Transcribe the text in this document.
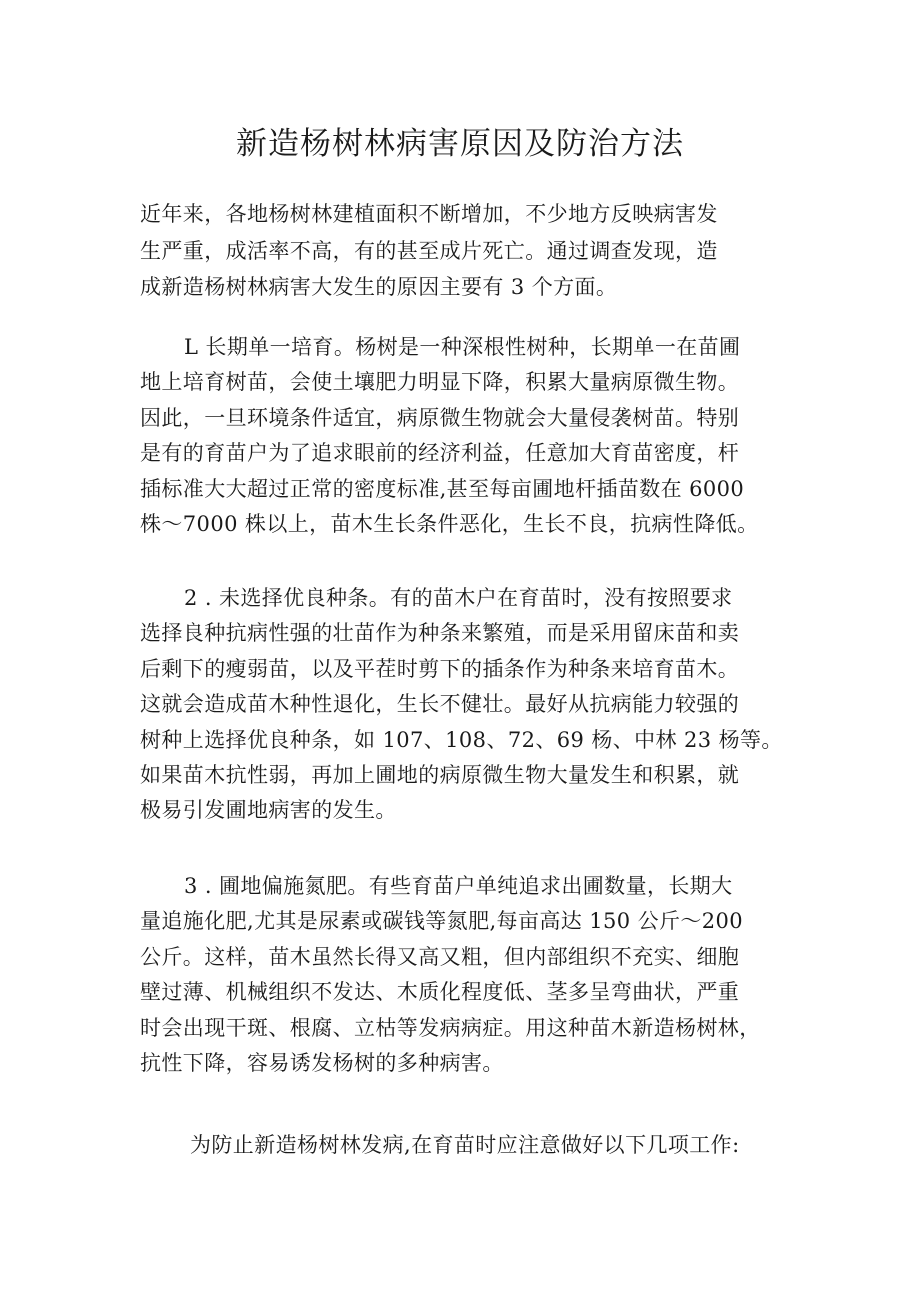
新造杨树林病害原因及防治方法
近年来，各地杨树林建植面积不断增加，不少地方反映病害发
生严重，成活率不高，有的甚至成片死亡。通过调查发现，造
成新造杨树林病害大发生的原因主要有 3 个方面。
L 长期单一培育。杨树是一种深根性树种，长期单一在苗圃
地上培育树苗，会使土壤肥力明显下降，积累大量病原微生物。
因此，一旦环境条件适宜，病原微生物就会大量侵袭树苗。特别
是有的育苗户为了追求眼前的经济利益，任意加大育苗密度，杆
插标准大大超过正常的密度标准,甚至每亩圃地杆插苗数在 6000
株～7000 株以上，苗木生长条件恶化，生长不良，抗病性降低。
2 . 未选择优良种条。有的苗木户在育苗时，没有按照要求
选择良种抗病性强的壮苗作为种条来繁殖，而是采用留床苗和卖
后剩下的瘦弱苗，以及平茬时剪下的插条作为种条来培育苗木。
这就会造成苗木种性退化，生长不健壮。最好从抗病能力较强的
树种上选择优良种条，如 107、108、72、69 杨、中林 23 杨等。
如果苗木抗性弱，再加上圃地的病原微生物大量发生和积累，就
极易引发圃地病害的发生。
3 . 圃地偏施氮肥。有些育苗户单纯追求出圃数量，长期大
量追施化肥,尤其是尿素或碳钱等氮肥,每亩高达 150 公斤～200
公斤。这样，苗木虽然长得又高又粗，但内部组织不充实、细胞
壁过薄、机械组织不发达、木质化程度低、茎多呈弯曲状，严重
时会出现干斑、根腐、立枯等发病病症。用这种苗木新造杨树林，
抗性下降，容易诱发杨树的多种病害。
为防止新造杨树林发病,在育苗时应注意做好以下几项工作:
